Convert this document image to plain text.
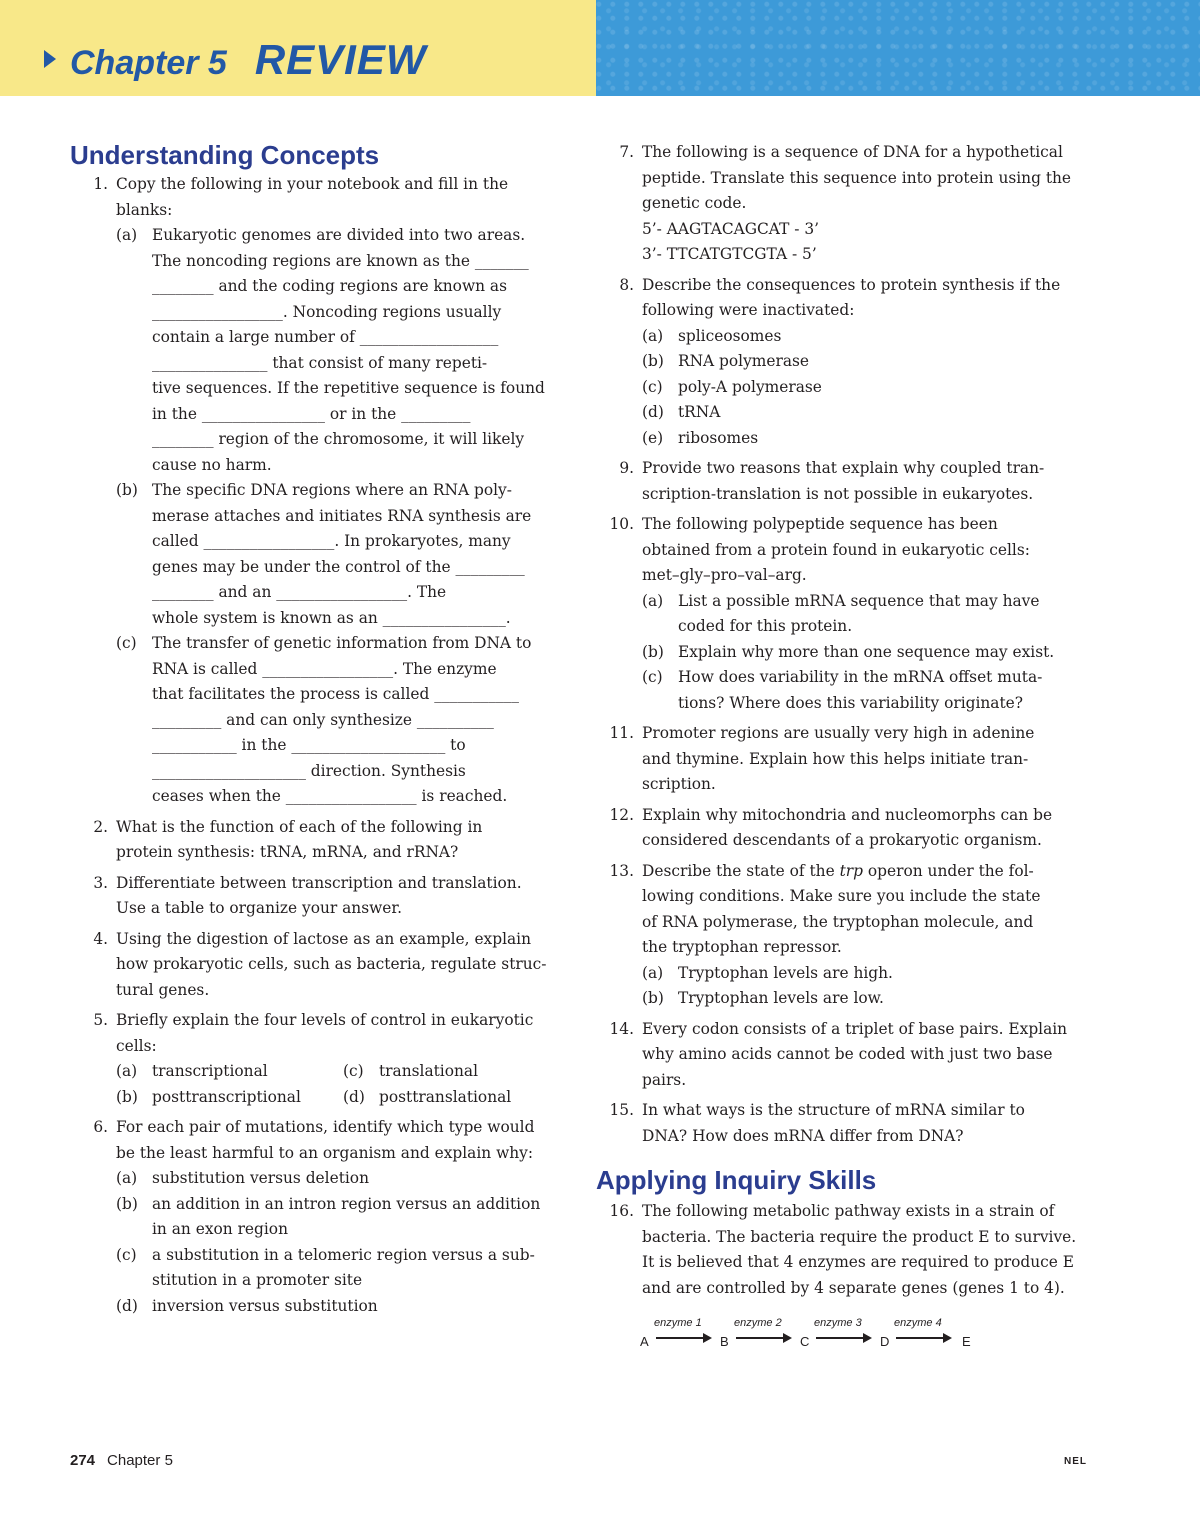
Chapter 5 REVIEW
Understanding Concepts
1. Copy the following in your notebook and fill in the
blanks:
(a) Eukaryotic genomes are divided into two areas.
The noncoding regions are known as the _______
________ and the coding regions are known as
_________________. Noncoding regions usually
contain a large number of __________________
_______________ that consist of many repeti-
tive sequences. If the repetitive sequence is found
in the ________________ or in the _________
________ region of the chromosome, it will likely
cause no harm.
(b) The specific DNA regions where an RNA poly-
merase attaches and initiates RNA synthesis are
called _________________. In prokaryotes, many
genes may be under the control of the _________
________ and an _________________. The
whole system is known as an ________________.
(c) The transfer of genetic information from DNA to
RNA is called _________________. The enzyme
that facilitates the process is called ___________
_________ and can only synthesize __________
___________ in the ____________________ to
____________________ direction. Synthesis
ceases when the _________________ is reached.
2. What is the function of each of the following in
protein synthesis: tRNA, mRNA, and rRNA?
3. Differentiate between transcription and translation.
Use a table to organize your answer.
4. Using the digestion of lactose as an example, explain
how prokaryotic cells, such as bacteria, regulate struc-
tural genes.
5. Briefly explain the four levels of control in eukaryotic
cells:
(a) transcriptional	(c) translational
(b) posttranscriptional	(d) posttranslational
6. For each pair of mutations, identify which type would
be the least harmful to an organism and explain why:
(a) substitution versus deletion
(b) an addition in an intron region versus an addition
in an exon region
(c) a substitution in a telomeric region versus a sub-
stitution in a promoter site
(d) inversion versus substitution
7. The following is a sequence of DNA for a hypothetical
peptide. Translate this sequence into protein using the
genetic code.
5’- AAGTACAGCAT - 3’
3’- TTCATGTCGTA - 5’
8. Describe the consequences to protein synthesis if the
following were inactivated:
(a) spliceosomes
(b) RNA polymerase
(c) poly-A polymerase
(d) tRNA
(e) ribosomes
9. Provide two reasons that explain why coupled tran-
scription-translation is not possible in eukaryotes.
10. The following polypeptide sequence has been
obtained from a protein found in eukaryotic cells:
met–gly–pro–val–arg.
(a) List a possible mRNA sequence that may have
coded for this protein.
(b) Explain why more than one sequence may exist.
(c) How does variability in the mRNA offset muta-
tions? Where does this variability originate?
11. Promoter regions are usually very high in adenine
and thymine. Explain how this helps initiate tran-
scription.
12. Explain why mitochondria and nucleomorphs can be
considered descendants of a prokaryotic organism.
13. Describe the state of the trp operon under the fol-
lowing conditions. Make sure you include the state
of RNA polymerase, the tryptophan molecule, and
the tryptophan repressor.
(a) Tryptophan levels are high.
(b) Tryptophan levels are low.
14. Every codon consists of a triplet of base pairs. Explain
why amino acids cannot be coded with just two base
pairs.
15. In what ways is the structure of mRNA similar to
DNA? How does mRNA differ from DNA?
Applying Inquiry Skills
16. The following metabolic pathway exists in a strain of
bacteria. The bacteria require the product E to survive.
It is believed that 4 enzymes are required to produce E
and are controlled by 4 separate genes (genes 1 to 4).
A
enzyme 1
B
enzyme 2
C
enzyme 3
D
enzyme 4
E
274 Chapter 5	NEL
